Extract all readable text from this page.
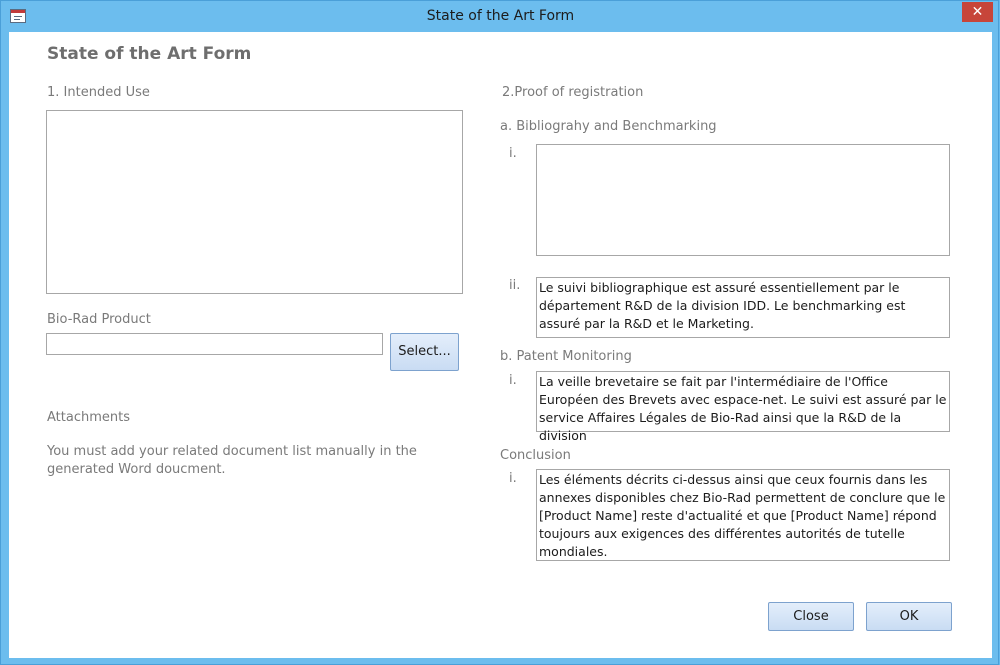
State of the Art Form	✕
State of the Art Form
1. Intended Use
Bio-Rad Product
Select...
Attachments
You must add your related document list manually in the generated Word doucment.
2.Proof of registration
a. Bibliograhy and Benchmarking
i.
ii. Le suivi bibliographique est assuré essentiellement par le département R&D de la division IDD. Le benchmarking est assuré par la R&D et le Marketing.
b. Patent Monitoring
i. La veille brevetaire se fait par l'intermédiaire de l'Office Européen des Brevets avec espace-net. Le suivi est assuré par le service Affaires Légales de Bio-Rad ainsi que la R&D de la division
Conclusion
i. Les éléments décrits ci-dessus ainsi que ceux fournis dans les annexes disponibles chez Bio-Rad permettent de conclure que le [Product Name] reste d'actualité et que [Product Name] répond toujours aux exigences des différentes autorités de tutelle mondiales.
Close	OK
